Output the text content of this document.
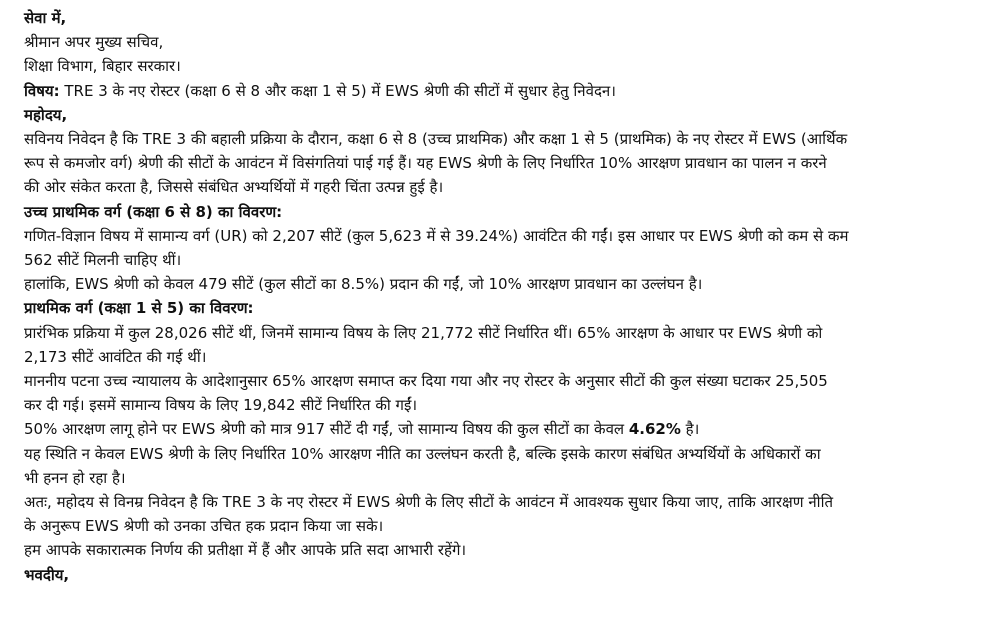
सेवा में,
श्रीमान अपर मुख्य सचिव,
शिक्षा विभाग, बिहार सरकार।
विषय: TRE 3 के नए रोस्टर (कक्षा 6 से 8 और कक्षा 1 से 5) में EWS श्रेणी की सीटों में सुधार हेतु निवेदन।
महोदय,
सविनय निवेदन है कि TRE 3 की बहाली प्रक्रिया के दौरान, कक्षा 6 से 8 (उच्च प्राथमिक) और कक्षा 1 से 5 (प्राथमिक) के नए रोस्टर में EWS (आर्थिक
रूप से कमजोर वर्ग) श्रेणी की सीटों के आवंटन में विसंगतियां पाई गई हैं। यह EWS श्रेणी के लिए निर्धारित 10% आरक्षण प्रावधान का पालन न करने
की ओर संकेत करता है, जिससे संबंधित अभ्यर्थियों में गहरी चिंता उत्पन्न हुई है।
उच्च प्राथमिक वर्ग (कक्षा 6 से 8) का विवरण:
गणित-विज्ञान विषय में सामान्य वर्ग (UR) को 2,207 सीटें (कुल 5,623 में से 39.24%) आवंटित की गईं। इस आधार पर EWS श्रेणी को कम से कम
562 सीटें मिलनी चाहिए थीं।
हालांकि, EWS श्रेणी को केवल 479 सीटें (कुल सीटों का 8.5%) प्रदान की गईं, जो 10% आरक्षण प्रावधान का उल्लंघन है।
प्राथमिक वर्ग (कक्षा 1 से 5) का विवरण:
प्रारंभिक प्रक्रिया में कुल 28,026 सीटें थीं, जिनमें सामान्य विषय के लिए 21,772 सीटें निर्धारित थीं। 65% आरक्षण के आधार पर EWS श्रेणी को
2,173 सीटें आवंटित की गई थीं।
माननीय पटना उच्च न्यायालय के आदेशानुसार 65% आरक्षण समाप्त कर दिया गया और नए रोस्टर के अनुसार सीटों की कुल संख्या घटाकर 25,505
कर दी गई। इसमें सामान्य विषय के लिए 19,842 सीटें निर्धारित की गईं।
50% आरक्षण लागू होने पर EWS श्रेणी को मात्र 917 सीटें दी गईं, जो सामान्य विषय की कुल सीटों का केवल 4.62% है।
यह स्थिति न केवल EWS श्रेणी के लिए निर्धारित 10% आरक्षण नीति का उल्लंघन करती है, बल्कि इसके कारण संबंधित अभ्यर्थियों के अधिकारों का
भी हनन हो रहा है।
अतः, महोदय से विनम्र निवेदन है कि TRE 3 के नए रोस्टर में EWS श्रेणी के लिए सीटों के आवंटन में आवश्यक सुधार किया जाए, ताकि आरक्षण नीति
के अनुरूप EWS श्रेणी को उनका उचित हक प्रदान किया जा सके।
हम आपके सकारात्मक निर्णय की प्रतीक्षा में हैं और आपके प्रति सदा आभारी रहेंगे।
भवदीय,
